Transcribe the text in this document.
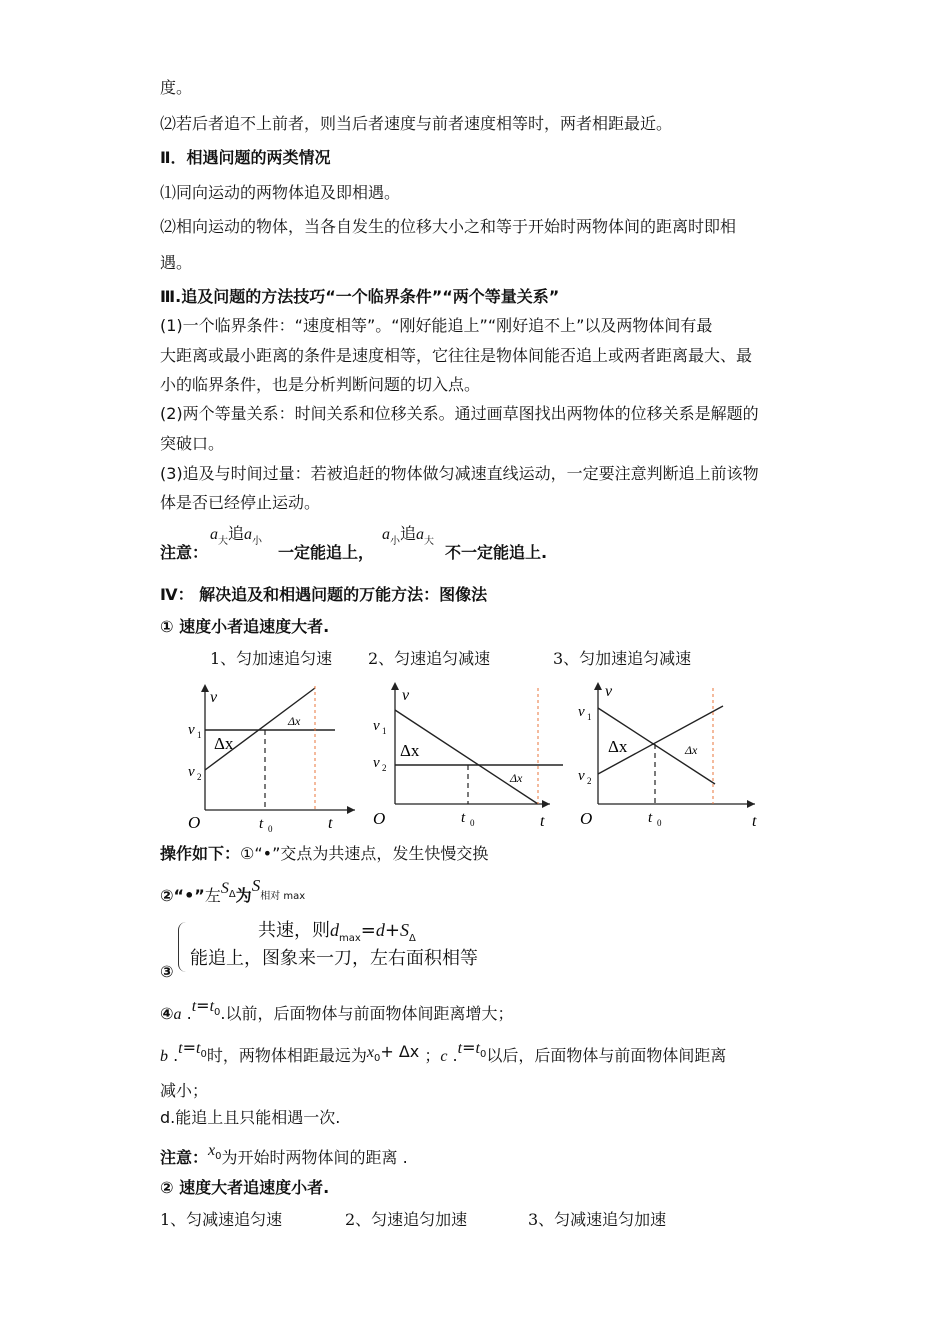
度。
⑵若后者追不上前者，则当后者速度与前者速度相等时，两者相距最近。
Ⅱ．相遇问题的两类情况
⑴同向运动的两物体追及即相遇。
⑵相向运动的物体，当各自发生的位移大小之和等于开始时两物体间的距离时即相
遇。
Ⅲ.追及问题的方法技巧“一个临界条件”“两个等量关系”
(1)一个临界条件：“速度相等”。“刚好能追上”“刚好追不上”以及两物体间有最
大距离或最小距离的条件是速度相等，它往往是物体间能否追上或两者距离最大、最
小的临界条件，也是分析判断问题的切入点。
(2)两个等量关系：时间关系和位移关系。通过画草图找出两物体的位移关系是解题的
突破口。
(3)追及与时间过量：若被追赶的物体做匀减速直线运动，一定要注意判断追上前该物
体是否已经停止运动。
注意：
$a_大$追$a_小$
一定能追上，
$a_小$追$a_大$
不一定能追上.
Ⅳ： 解决追及和相遇问题的万能方法：图像法
① 速度小者追速度大者.
1、匀加速追匀速 2、匀速追匀减速	3、匀加速追匀减速
v
v 1
v 2
Δx
Δx
O	t 0	t
v
v 1
v 2
Δx
Δx
O	t 0	t
v
v 1
v 2
Δx	Δx
O	t 0	t
操作如下：①“•”交点为共速点，发生快慢交换
②“•”左$S^\Delta$为S相对 max
共速，则$d_{max}=d+S_\Delta$
能追上，图象来一刀，左右面积相等
③
④a $.t=t^0$.以前，后面物体与前面物体间距离增大；
b $.t=t^0$时，两物体相距最远为x0+ Δx ；c $.t=t^0$以后，后面物体与前面物体间距离
减小；
d.能追上且只能相遇一次.
注意：$x^0$为开始时两物体间的距离 .
② 速度大者追速度小者.
1、匀减速追匀速	2、匀速追匀加速	3、匀减速追匀加速
